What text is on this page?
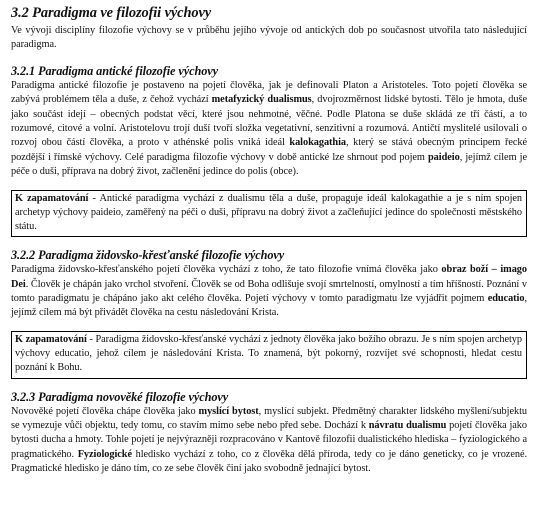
3.2 Paradigma ve filozofii výchovy

Ve vývoji disciplíny filozofie výchovy se v průběhu jejího vývoje od antických dob po současnost utvořila tato následující paradigma.

3.2.1 Paradigma antické filozofie výchovy

Paradigma antické filozofie je postaveno na pojetí člověka, jak je definovali Platon a Aristoteles. Toto pojetí člověka se zabývá problémem těla a duše, z čehož vychází metafyzický dualismus, dvojrozměrnost lidské bytosti. Tělo je hmota, duše jako součást idejí – obecných podstat věcí, které jsou nehmotné, věčné. Podle Platona se duše skládá ze tří částí, a to rozumové, citové a volní. Aristotelovu trojí duší tvoří složka vegetativní, senzitivní a rozumová. Antičtí myslitelé usilovali o rozvoj obou částí člověka, a proto v athénské polis vniká ideál kalokagathia, který se stává obecným principem řecké pozdější i římské výchovy. Celé paradigma filozofie výchovy v době antické lze shrnout pod pojem paideio, jejímž cílem je péče o duši, příprava na dobrý život, začlenění jedince do polis (obce).

K zapamatování - Antické paradigma vychází z dualismu těla a duše, propaguje ideál kalokagathie a je s ním spojen archetyp výchovy paideio, zaměřený na péči o duši, přípravu na dobrý život a začleňující jedince do společnosti městského státu.

3.2.2 Paradigma židovsko-křesťanské filozofie výchovy

Paradigma židovsko-křesťanského pojetí člověka vychází z toho, že tato filozofie vnímá člověka jako obraz boží – imago Dei. Člověk je chápán jako vrchol stvoření. Člověk se od Boha odlišuje svojí smrtelností, omylností a tím hříšností. Poznání v tomto paradigmatu je chápáno jako akt celého člověka. Pojetí výchovy v tomto paradigmatu lze vyjádřit pojmem educatio, jejímž cílem má být přivádět člověka na cestu následování Krista.

K zapamatování - Paradigma židovsko-křesťanské vychází z jednoty člověka jako božího obrazu. Je s ním spojen archetyp výchovy educatio, jehož cílem je následování Krista. To znamená, být pokorný, rozvíjet své schopnosti, hledat cestu poznání k Bohu.

3.2.3 Paradigma novověké filozofie výchovy

Novověké pojetí člověka chápe člověka jako myslící bytost, myslící subjekt. Předmětný charakter lidského myšlení/subjektu se vymezuje vůči objektu, tedy tomu, co stavím mimo sebe nebo před sebe. Dochází k návratu dualismu pojetí člověka jako bytosti ducha a hmoty. Tohle pojetí je nejvýrazněji rozpracováno v Kantově filozofii dualistického hlediska – fyziologického a pragmatického. Fyziologické hledisko vychází z toho, co z člověka dělá příroda, tedy co je dáno geneticky, co je vrozené. Pragmatické hledisko je dáno tím, co ze sebe člověk činí jako svobodně jednající bytost.
